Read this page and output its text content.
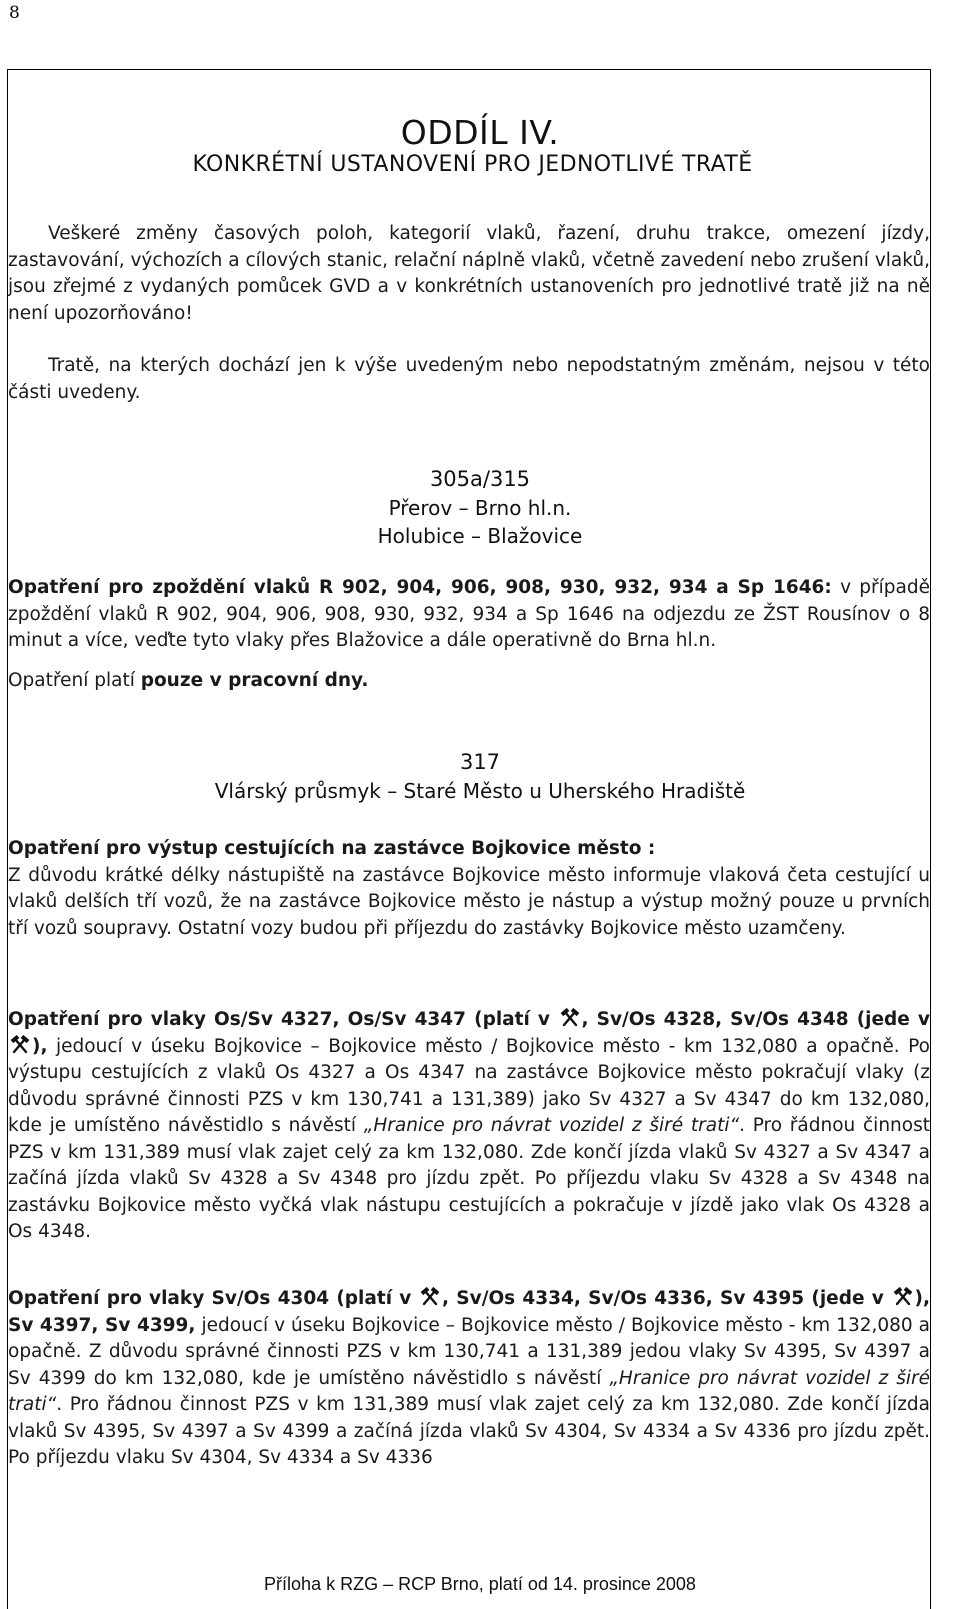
8
ODDÍL IV.
KONKRÉTNÍ USTANOVENÍ PRO JEDNOTLIVÉ TRATĚ

Veškeré změny časových poloh, kategorií vlaků, řazení, druhu trakce, omezení jízdy, zastavování, výchozích a cílových stanic, relační náplně vlaků, včetně zavedení nebo zrušení vlaků, jsou zřejmé z vydaných pomůcek GVD a v konkrétních ustanoveních pro jednotlivé tratě již na ně není upozorňováno!

Tratě, na kterých dochází jen k výše uvedeným nebo nepodstatným změnám, nejsou v této části uvedeny.

305a/315
Přerov – Brno hl.n.
Holubice – Blažovice

Opatření pro zpoždění vlaků R 902, 904, 906, 908, 930, 932, 934 a Sp 1646: v případě zpoždění vlaků R 902, 904, 906, 908, 930, 932, 934 a Sp 1646 na odjezdu ze ŽST Rousínov o 8 minut a více, veďte tyto vlaky přes Blažovice a dále operativně do Brna hl.n.

Opatření platí pouze v pracovní dny.

317
Vlárský průsmyk – Staré Město u Uherského Hradiště

Opatření pro výstup cestujících na zastávce Bojkovice město :
Z důvodu krátké délky nástupiště na zastávce Bojkovice město informuje vlaková četa cestující u vlaků delších tří vozů, že na zastávce Bojkovice město je nástup a výstup možný pouze u prvních tří vozů soupravy. Ostatní vozy budou při příjezdu do zastávky Bojkovice město uzamčeny.

Opatření pro vlaky Os/Sv 4327, Os/Sv 4347 (platí v , Sv/Os 4328, Sv/Os 4348 (jede v
), jedoucí v úseku Bojkovice – Bojkovice město / Bojkovice město - km 132,080 a opačně. Po výstupu cestujících z vlaků Os 4327 a Os 4347 na zastávce Bojkovice město pokračují vlaky (z důvodu správné činnosti PZS v km 130,741 a 131,389) jako Sv 4327 a Sv 4347 do km 132,080, kde je umístěno návěstidlo s návěstí „Hranice pro návrat vozidel z širé trati“. Pro řádnou činnost PZS v km 131,389 musí vlak zajet celý za km 132,080. Zde končí jízda vlaků Sv 4327 a Sv 4347 a začíná jízda vlaků Sv 4328 a Sv 4348 pro jízdu zpět. Po příjezdu vlaku Sv 4328 a Sv 4348 na zastávku Bojkovice město vyčká vlak nástupu cestujících a pokračuje v jízdě jako vlak Os 4328 a Os 4348.

Opatření pro vlaky Sv/Os 4304 (platí v , Sv/Os 4334, Sv/Os 4336, Sv 4395 (jede v ), Sv 4397, Sv 4399, jedoucí v úseku Bojkovice – Bojkovice město / Bojkovice město - km 132,080 a opačně. Z důvodu správné činnosti PZS v km 130,741 a 131,389 jedou vlaky Sv 4395, Sv 4397 a Sv 4399 do km 132,080, kde je umístěno návěstidlo s návěstí „Hranice pro návrat vozidel z širé trati“. Pro řádnou činnost PZS v km 131,389 musí vlak zajet celý za km 132,080. Zde končí jízda vlaků Sv 4395, Sv 4397 a Sv 4399 a začíná jízda vlaků Sv 4304, Sv 4334 a Sv 4336 pro jízdu zpět. Po příjezdu vlaku Sv 4304, Sv 4334 a Sv 4336

Příloha k RZG – RCP Brno, platí od 14. prosince 2008
